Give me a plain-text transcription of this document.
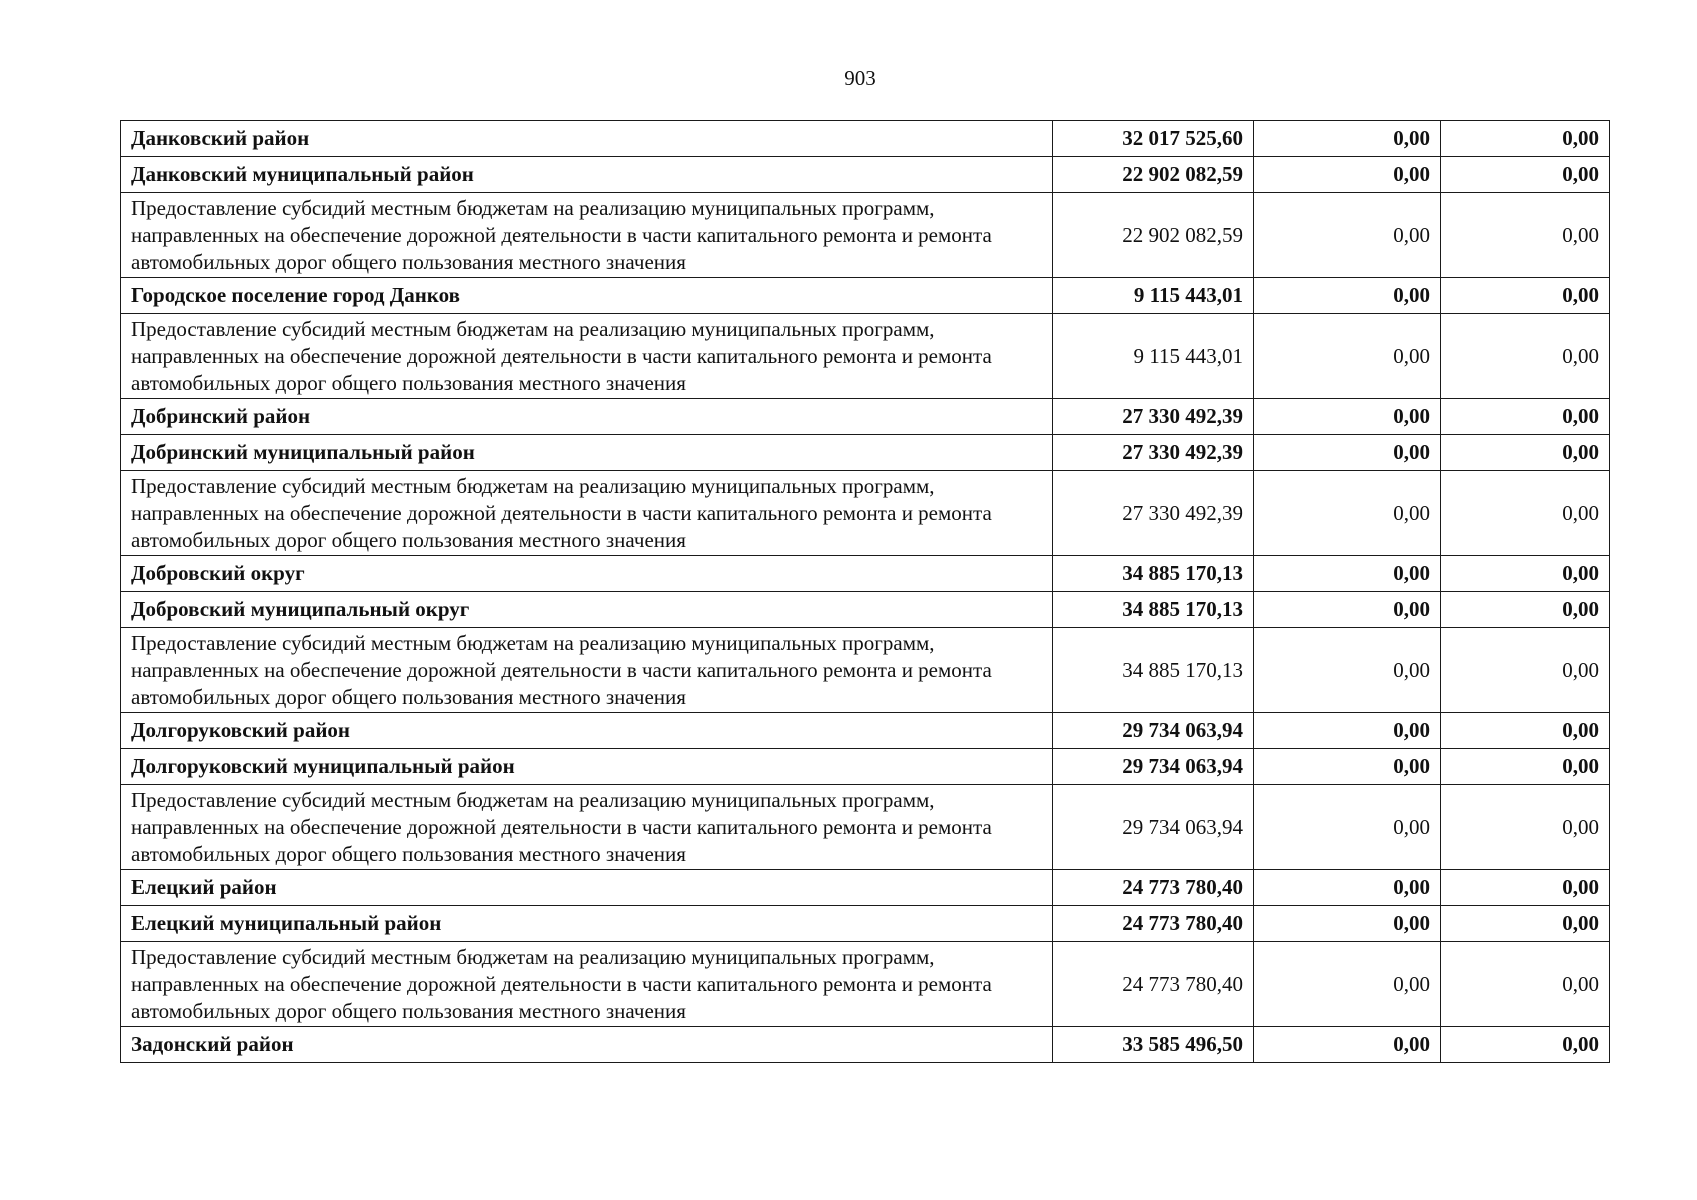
903
Данковский район	32 017 525,60	0,00	0,00
Данковский муниципальный район	22 902 082,59	0,00	0,00
Предоставление субсидий местным бюджетам на реализацию муниципальных программ, направленных на обеспечение дорожной деятельности в части капитального ремонта и ремонта автомобильных дорог общего пользования местного значения	22 902 082,59	0,00	0,00
Городское поселение город Данков	9 115 443,01	0,00	0,00
Предоставление субсидий местным бюджетам на реализацию муниципальных программ, направленных на обеспечение дорожной деятельности в части капитального ремонта и ремонта автомобильных дорог общего пользования местного значения	9 115 443,01	0,00	0,00
Добринский район	27 330 492,39	0,00	0,00
Добринский муниципальный район	27 330 492,39	0,00	0,00
Предоставление субсидий местным бюджетам на реализацию муниципальных программ, направленных на обеспечение дорожной деятельности в части капитального ремонта и ремонта автомобильных дорог общего пользования местного значения	27 330 492,39	0,00	0,00
Добровский округ	34 885 170,13	0,00	0,00
Добровский муниципальный округ	34 885 170,13	0,00	0,00
Предоставление субсидий местным бюджетам на реализацию муниципальных программ, направленных на обеспечение дорожной деятельности в части капитального ремонта и ремонта автомобильных дорог общего пользования местного значения	34 885 170,13	0,00	0,00
Долгоруковский район	29 734 063,94	0,00	0,00
Долгоруковский муниципальный район	29 734 063,94	0,00	0,00
Предоставление субсидий местным бюджетам на реализацию муниципальных программ, направленных на обеспечение дорожной деятельности в части капитального ремонта и ремонта автомобильных дорог общего пользования местного значения	29 734 063,94	0,00	0,00
Елецкий район	24 773 780,40	0,00	0,00
Елецкий муниципальный район	24 773 780,40	0,00	0,00
Предоставление субсидий местным бюджетам на реализацию муниципальных программ, направленных на обеспечение дорожной деятельности в части капитального ремонта и ремонта автомобильных дорог общего пользования местного значения	24 773 780,40	0,00	0,00
Задонский район	33 585 496,50	0,00	0,00
